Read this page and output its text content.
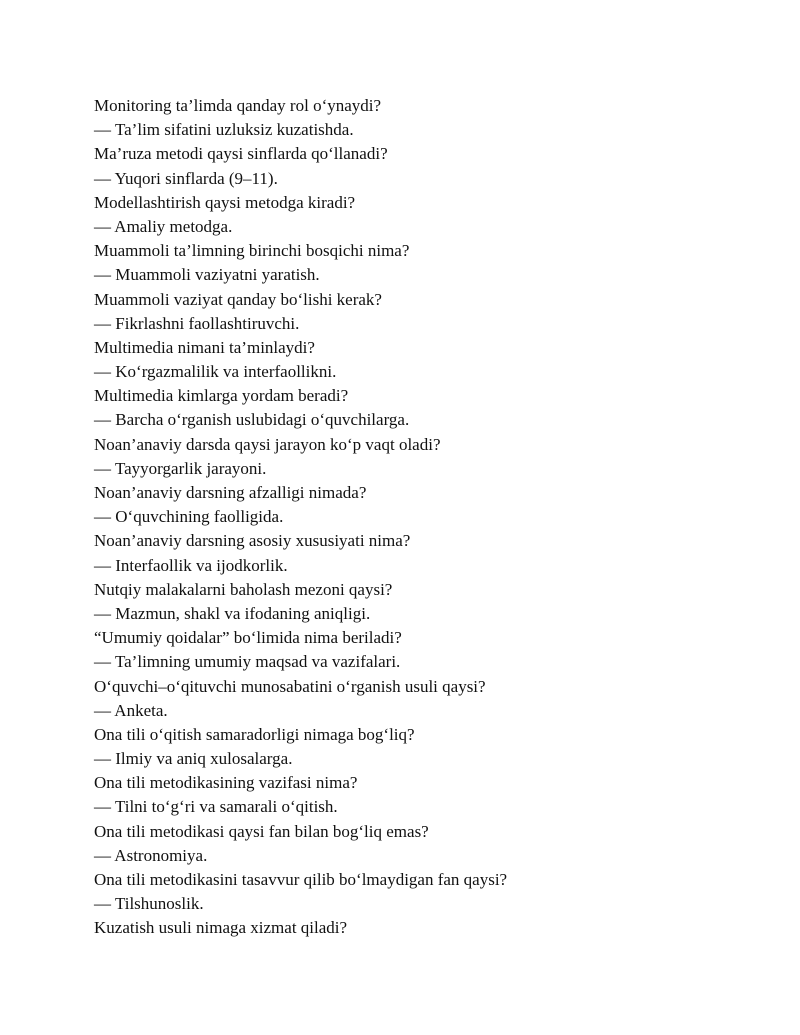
Monitoring ta’limda qanday rol o‘ynaydi?
— Ta’lim sifatini uzluksiz kuzatishda.
Ma’ruza metodi qaysi sinflarda qo‘llanadi?
— Yuqori sinflarda (9–11).
Modellashtirish qaysi metodga kiradi?
— Amaliy metodga.
Muammoli ta’limning birinchi bosqichi nima?
— Muammoli vaziyatni yaratish.
Muammoli vaziyat qanday bo‘lishi kerak?
— Fikrlashni faollashtiruvchi.
Multimedia nimani ta’minlaydi?
— Ko‘rgazmalilik va interfaollikni.
Multimedia kimlarga yordam beradi?
— Barcha o‘rganish uslubidagi o‘quvchilarga.
Noan’anaviy darsda qaysi jarayon ko‘p vaqt oladi?
— Tayyorgarlik jarayoni.
Noan’anaviy darsning afzalligi nimada?
— O‘quvchining faolligida.
Noan’anaviy darsning asosiy xususiyati nima?
— Interfaollik va ijodkorlik.
Nutqiy malakalarni baholash mezoni qaysi?
— Mazmun, shakl va ifodaning aniqligi.
“Umumiy qoidalar” bo‘limida nima beriladi?
— Ta’limning umumiy maqsad va vazifalari.
O‘quvchi–o‘qituvchi munosabatini o‘rganish usuli qaysi?
— Anketa.
Ona tili o‘qitish samaradorligi nimaga bog‘liq?
— Ilmiy va aniq xulosalarga.
Ona tili metodikasining vazifasi nima?
— Tilni to‘g‘ri va samarali o‘qitish.
Ona tili metodikasi qaysi fan bilan bog‘liq emas?
— Astronomiya.
Ona tili metodikasini tasavvur qilib bo‘lmaydigan fan qaysi?
— Tilshunoslik.
Kuzatish usuli nimaga xizmat qiladi?
